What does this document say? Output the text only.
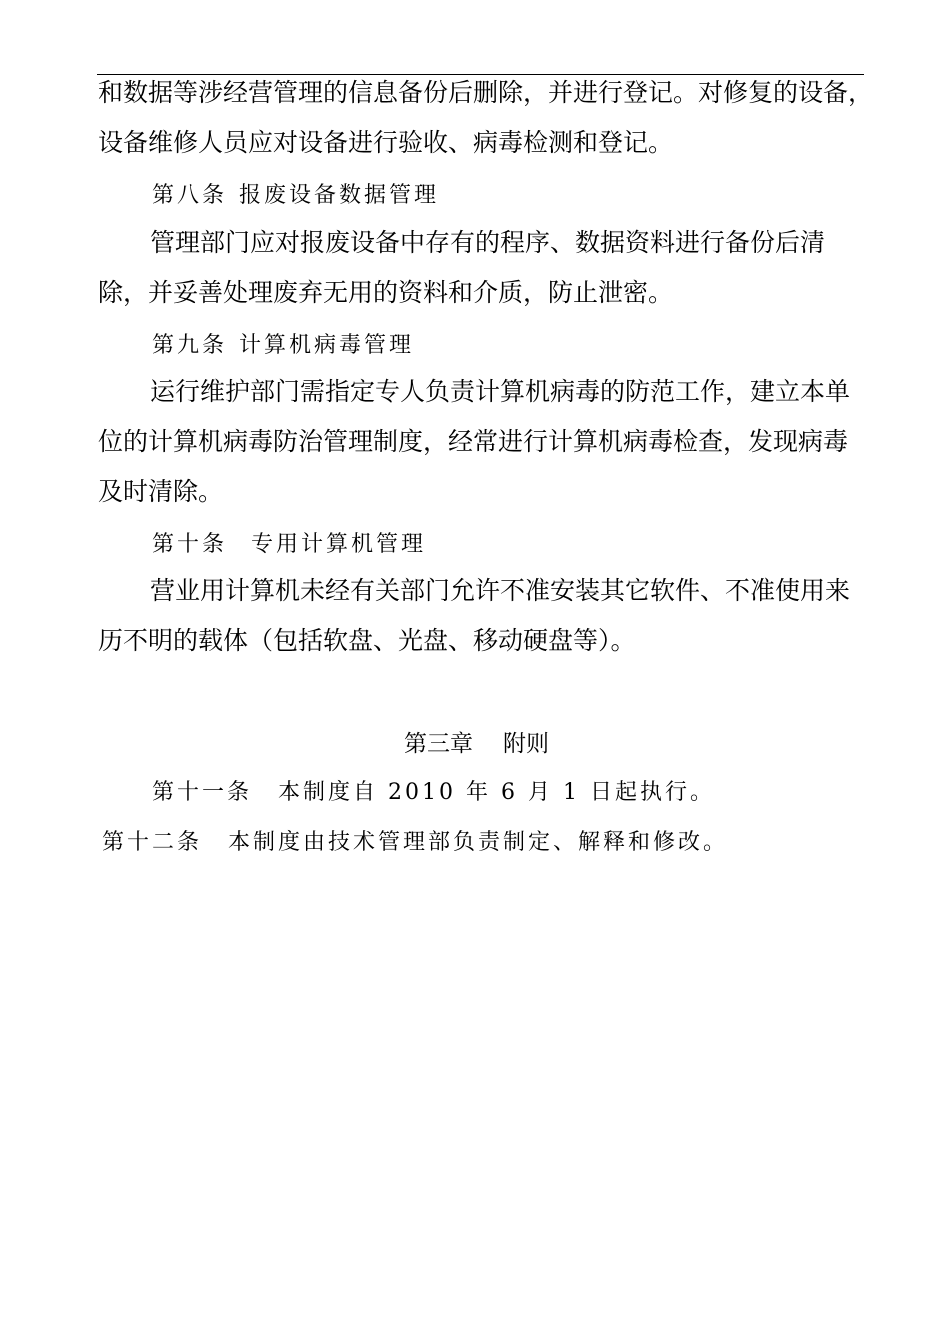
和数据等涉经营管理的信息备份后删除，并进行登记。对修复的设备，
设备维修人员应对设备进行验收、病毒检测和登记。
第八条 报废设备数据管理
管理部门应对报废设备中存有的程序、数据资料进行备份后清
除，并妥善处理废弃无用的资料和介质，防止泄密。
第九条 计算机病毒管理
运行维护部门需指定专人负责计算机病毒的防范工作，建立本单
位的计算机病毒防治管理制度，经常进行计算机病毒检查，发现病毒
及时清除。
第十条 专用计算机管理
营业用计算机未经有关部门允许不准安装其它软件、不准使用来
历不明的载体（包括软盘、光盘、移动硬盘等）。
第三章 附则
第十一条 本制度自 2010 年 6 月 1 日起执行。
第十二条 本制度由技术管理部负责制定、解释和修改。
